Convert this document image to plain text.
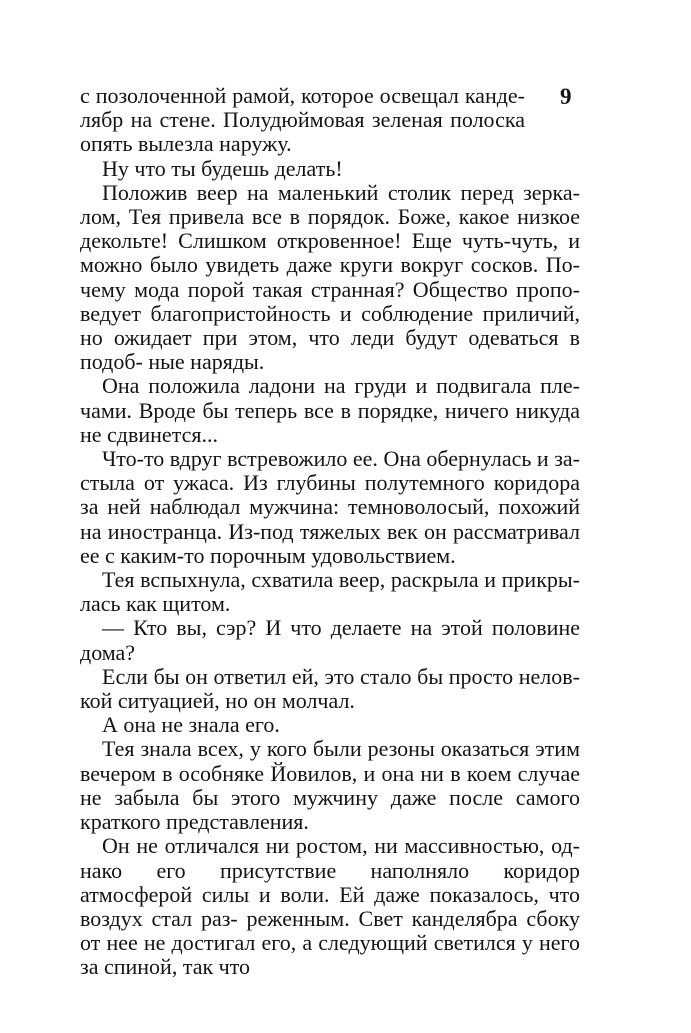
9

с позолоченной рамой, которое освещал канде- лябр на стене. Полудюймовая зеленая полоска опять вылезла наружу.

Ну что ты будешь делать!

Положив веер на маленький столик перед зерка- лом, Тея привела все в порядок. Боже, какое низкое декольте! Слишком откровенное! Еще чуть-чуть, и можно было увидеть даже круги вокруг сосков. По- чему мода порой такая странная? Общество пропо- ведует благопристойность и соблюдение приличий, но ожидает при этом, что леди будут одеваться в подоб- ные наряды.

Она положила ладони на груди и подвигала пле- чами. Вроде бы теперь все в порядке, ничего никуда не сдвинется...

Что-то вдруг встревожило ее. Она обернулась и за- стыла от ужаса. Из глубины полутемного коридора за ней наблюдал мужчина: темноволосый, похожий на иностранца. Из-под тяжелых век он рассматривал ее с каким-то порочным удовольствием.

Тея вспыхнула, схватила веер, раскрыла и прикры- лась как щитом.

— Кто вы, сэр? И что делаете на этой половине дома?

Если бы он ответил ей, это стало бы просто нелов- кой ситуацией, но он молчал.

А она не знала его.

Тея знала всех, у кого были резоны оказаться этим вечером в особняке Йовилов, и она ни в коем случае не забыла бы этого мужчину даже после самого краткого представления.

Он не отличался ни ростом, ни массивностью, од- нако его присутствие наполняло коридор атмосферой силы и воли. Ей даже показалось, что воздух стал раз- реженным. Свет канделябра сбоку от нее не достигал его, а следующий светился у него за спиной, так что
